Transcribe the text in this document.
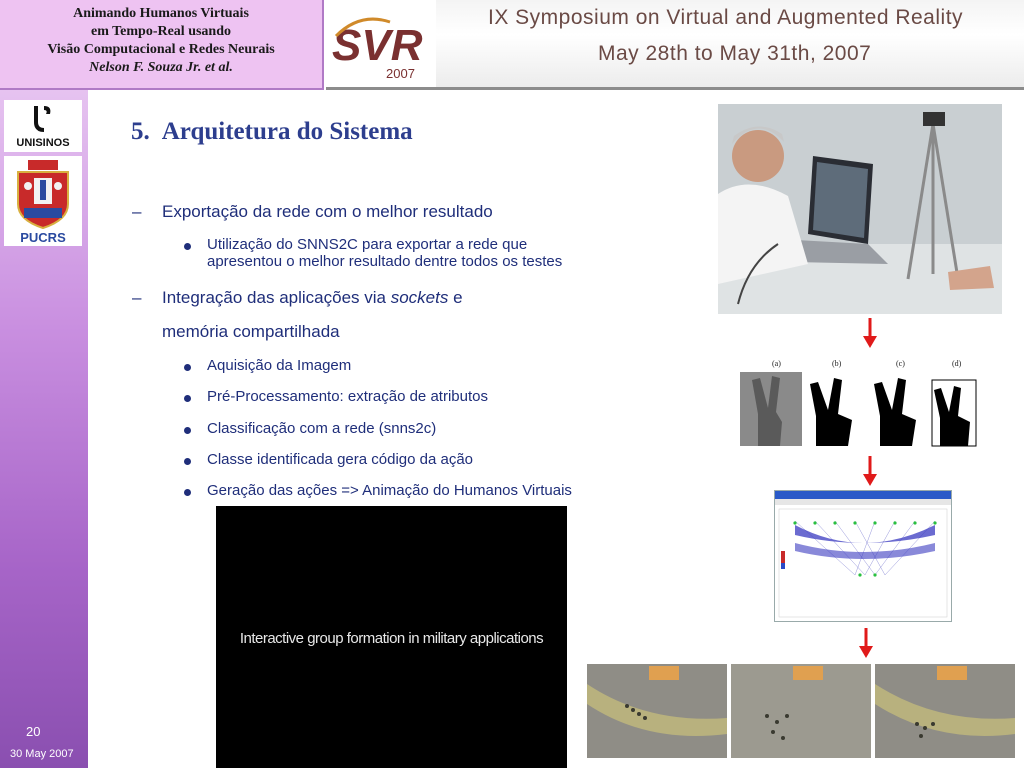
Animando Humanos Virtuais
em Tempo-Real usando
Visão Computacional e Redes Neurais
Nelson F. Souza Jr. et al.	SVR
2007
IX Symposium on Virtual and Augmented Reality
May 28th to May 31th, 2007
UNISINOS
PUCRS
20
30 May 2007
5. Arquitetura do Sistema
– Exportação da rede com o melhor resultado
Utilização do SNNS2C para exportar a rede que
apresentou o melhor resultado dentre todos os testes
– Integração das aplicações via sockets e
memória compartilhada
Aquisição da Imagem
Pré-Processamento: extração de atributos
Classificação com a rede (snns2c)
Classe identificada gera código da ação
Geração das ações => Animação do Humanos Virtuais
(a)	(b)	(c)	(d)
Interactive group formation in military applications
